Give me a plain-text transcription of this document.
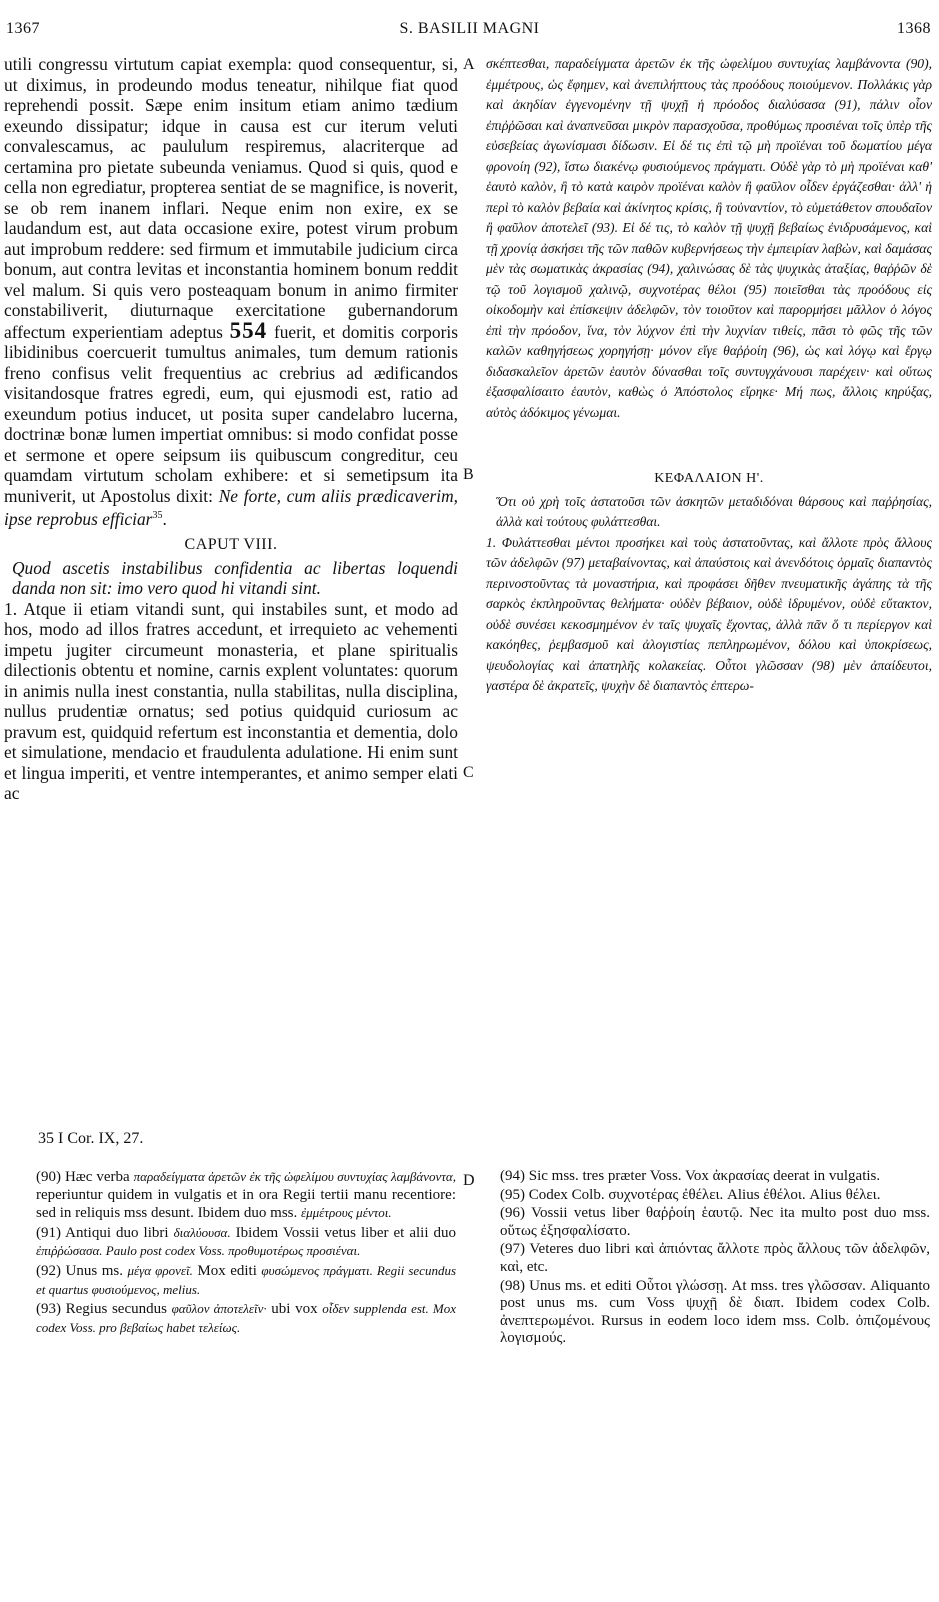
1367	S. BASILII MAGNI	1368
A
B
C
D

utili congressu virtutum capiat exempla: quod consequentur, si, ut diximus, in prodeundo modus teneatur, nihilque fiat quod reprehendi possit. Sæpe enim insitum etiam animo tædium exeundo dissipatur; idque in causa est cur iterum veluti convalescamus, ac paululum respiremus, alacriterque ad certamina pro pietate subeunda veniamus. Quod si quis, quod e cella non egrediatur, propterea sentiat de se magnifice, is noverit, se ob rem inanem inflari. Neque enim non exire, ex se laudandum est, aut data occasione exire, potest virum probum aut improbum reddere: sed firmum et immutabile judicium circa bonum, aut contra levitas et inconstantia hominem bonum reddit vel malum. Si quis vero posteaquam bonum in animo firmiter constabiliverit, diuturnaque exercitatione gubernandorum affectum experientiam adeptus 554 fuerit, et domitis corporis libidinibus coercuerit tumultus animales, tum demum rationis freno confisus velit frequentius ac crebrius ad ædificandos visitandosque fratres egredi, eum, qui ejusmodi est, ratio ad exeundum potius inducet, ut posita super candelabro lucerna, doctrinæ bonæ lumen impertiat omnibus: si modo confidat posse et sermone et opere seipsum iis quibuscum congreditur, ceu quamdam virtutum scholam exhibere: et si semetipsum ita muniverit, ut Apostolus dixit: Ne forte, cum aliis prædicaverim, ipse reprobus efficiar$^{35}$.

CAPUT VIII.

Quod ascetis instabilibus confidentia ac libertas loquendi danda non sit: imo vero quod hi vitandi sint.

1. Atque ii etiam vitandi sunt, qui instabiles sunt, et modo ad hos, modo ad illos fratres accedunt, et irrequieto ac vehementi impetu jugiter circumeunt monasteria, et plane spiritualis dilectionis obtentu et nomine, carnis explent voluntates: quorum in animis nulla inest constantia, nulla stabilitas, nulla disciplina, nullus prudentiæ ornatus; sed potius quidquid curiosum ac pravum est, quidquid refertum est inconstantia et dementia, dolo et simulatione, mendacio et fraudulenta adulatione. Hi enim sunt et lingua imperiti, et ventre intemperantes, et animo semper elati ac

σκέπτεσθαι, παραδείγματα ἀρετῶν ἐκ τῆς ὠφελίμου συντυχίας λαμβάνοντα (90), ἐμμέτρους, ὡς ἔφημεν, καὶ ἀνεπιλήπτους τὰς προόδους ποιούμενον. Πολλάκις γὰρ καὶ ἀκηδίαν ἐγγενομένην τῇ ψυχῇ ἡ πρόοδος διαλύσασα (91), πάλιν οἷον ἐπιῤῥῶσαι καὶ ἀναπνεῦσαι μικρὸν παρασχοῦσα, προθύμως προσιέναι τοῖς ὑπὲρ τῆς εὐσεβείας ἀγωνίσμασι δίδωσιν. Εἰ δέ τις ἐπὶ τῷ μὴ προϊέναι τοῦ δωματίου μέγα φρονοίη (92), ἴστω διακένῳ φυσιούμενος πράγματι. Οὐδὲ γὰρ τὸ μὴ προϊέναι καθ' ἑαυτὸ καλὸν, ἢ τὸ κατὰ καιρὸν προϊέναι καλὸν ἢ φαῦλον οἶδεν ἐργάζεσθαι· ἀλλ' ἡ περὶ τὸ καλὸν βεβαία καὶ ἀκίνητος κρίσις, ἢ τοὐναντίον, τὸ εὐμετάθετον σπουδαῖον ἢ φαῦλον ἀποτελεῖ (93). Εἰ δέ τις, τὸ καλὸν τῇ ψυχῇ βεβαίως ἐνιδρυσάμενος, καὶ τῇ χρονίᾳ ἀσκήσει τῆς τῶν παθῶν κυβερνήσεως τὴν ἐμπειρίαν λαβὼν, καὶ δαμάσας μὲν τὰς σωματικὰς ἀκρασίας (94), χαλινώσας δὲ τὰς ψυχικὰς ἀταξίας, θαῤῥῶν δὲ τῷ τοῦ λογισμοῦ χαλινῷ, συχνοτέρας θέλοι (95) ποιεῖσθαι τὰς προόδους εἰς οἰκοδομὴν καὶ ἐπίσκεψιν ἀδελφῶν, τὸν τοιοῦτον καὶ παρορμήσει μᾶλλον ὁ λόγος ἐπὶ τὴν πρόοδον, ἵνα, τὸν λύχνον ἐπὶ τὴν λυχνίαν τιθείς, πᾶσι τὸ φῶς τῆς τῶν καλῶν καθηγήσεως χορηγήσῃ· μόνον εἴγε θαῤῥοίη (96), ὡς καὶ λόγῳ καὶ ἔργῳ διδασκαλεῖον ἀρετῶν ἑαυτὸν δύνασθαι τοῖς συντυγχάνουσι παρέχειν· καὶ οὕτως ἐξασφαλίσαιτο ἑαυτὸν, καθὼς ὁ Ἀπόστολος εἴρηκε· Μή πως, ἄλλοις κηρύξας, αὐτὸς ἀδόκιμος γένωμαι.

ΚΕΦΑΛΑΙΟΝ Η'.

Ὅτι οὐ χρὴ τοῖς ἀστατοῦσι τῶν ἀσκητῶν μεταδιδόναι θάρσους καὶ παῤῥησίας, ἀλλὰ καὶ τούτους φυλάττεσθαι.

1. Φυλάττεσθαι μέντοι προσήκει καὶ τοὺς ἀστατοῦντας, καὶ ἄλλοτε πρὸς ἄλλους τῶν ἀδελφῶν (97) μεταβαίνοντας, καὶ ἀπαύστοις καὶ ἀνενδότοις ὁρμαῖς διαπαντὸς περινοστοῦντας τὰ μοναστήρια, καὶ προφάσει δῆθεν πνευματικῆς ἀγάπης τὰ τῆς σαρκὸς ἐκπληροῦντας θελήματα· οὐδὲν βέβαιον, οὐδὲ ἱδρυμένον, οὐδὲ εὔτακτον, οὐδὲ συνέσει κεκοσμημένον ἐν ταῖς ψυχαῖς ἔχοντας, ἀλλὰ πᾶν ὅ τι περίεργον καὶ κακόηθες, ῥεμβασμοῦ καὶ ἀλογιστίας πεπληρωμένον, δόλου καὶ ὑποκρίσεως, ψευδολογίας καὶ ἀπατηλῆς κολακείας. Οὗτοι γλῶσσαν (98) μὲν ἀπαίδευτοι, γαστέρα δὲ ἀκρατεῖς, ψυχὴν δὲ διαπαντὸς ἐπτερω-

35 I Cor. IX, 27.

(90) Hæc verba παραδείγματα ἀρετῶν ἐκ τῆς ὠφελίμου συντυχίας λαμβάνοντα, reperiuntur quidem in vulgatis et in ora Regii tertii manu recentiore: sed in reliquis mss desunt. Ibidem duo mss. ἐμμέτρους μέντοι.

(91) Antiqui duo libri διαλύουσα. Ibidem Vossii vetus liber et alii duo ἐπιῤῥώσασα. Paulo post codex Voss. προθυμοτέρως προσιέναι.

(92) Unus ms. μέγα φρονεῖ. Mox editi φυσώμενος πράγματι. Regii secundus et quartus φυσιούμενος, melius.

(93) Regius secundus φαῦλον ἀποτελεῖν· ubi vox οἶδεν supplenda est. Mox codex Voss. pro βεβαίως habet τελείως.

(94) Sic mss. tres præter Voss. Vox ἀκρασίας deerat in vulgatis.

(95) Codex Colb. συχνοτέρας ἐθέλει. Alius ἐθέλοι. Alius θέλει.

(96) Vossii vetus liber θαῤῥοίη ἑαυτῷ. Nec ita multo post duo mss. οὕτως ἐξησφαλίσατο.

(97) Veteres duo libri καὶ ἀπιόντας ἄλλοτε πρὸς ἄλλους τῶν ἀδελφῶν, καὶ, etc.

(98) Unus ms. et editi Οὗτοι γλώσσῃ. At mss. tres γλῶσσαν. Aliquanto post unus ms. cum Voss ψυχῇ δὲ διαπ. Ibidem codex Colb. ἀνεπτερωμένοι. Rursus in eodem loco idem mss. Colb. ὀπιζομένους λογισμούς.
